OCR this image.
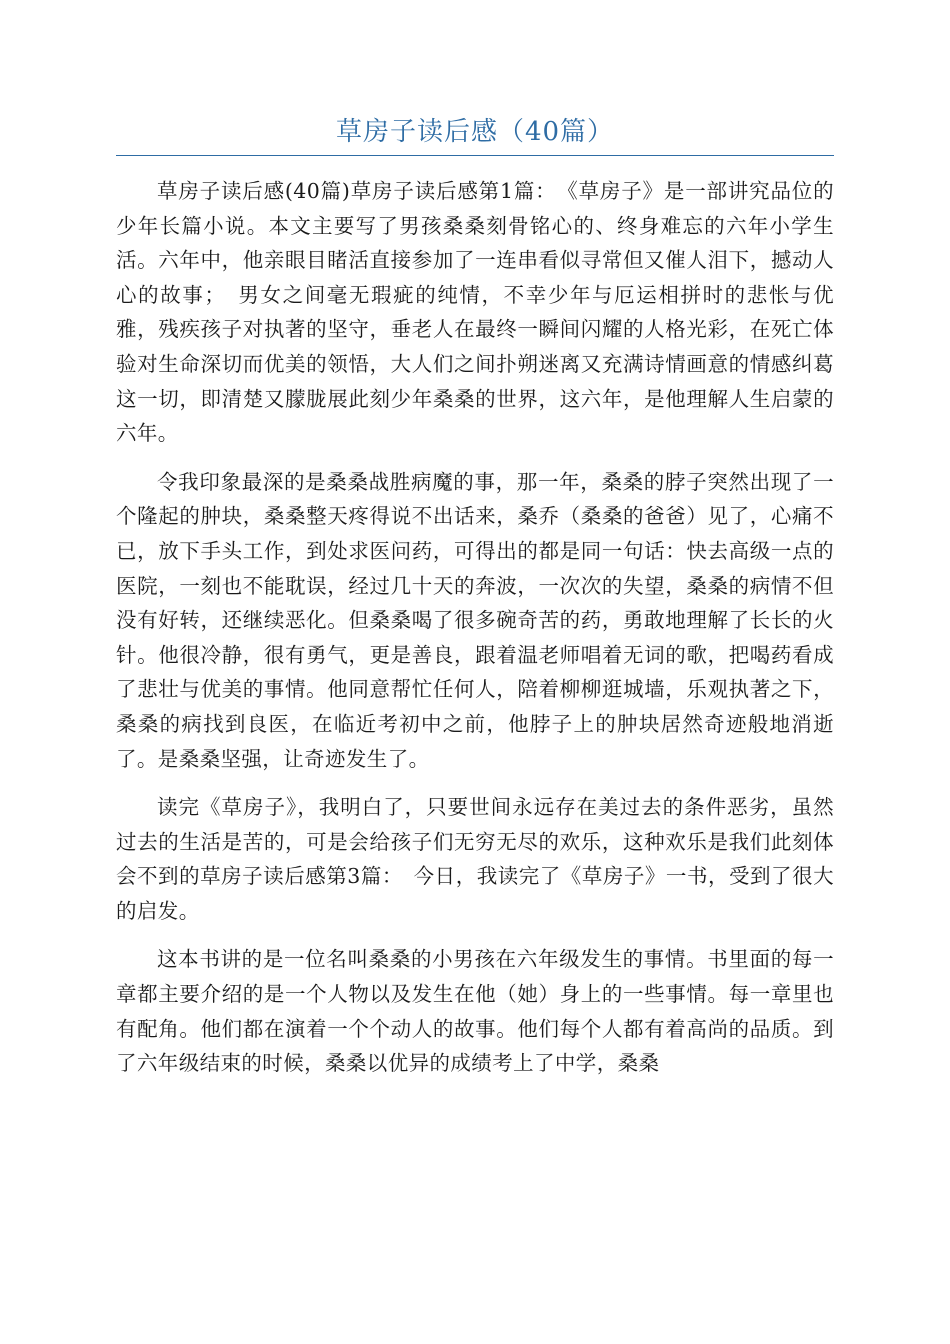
草房子读后感（40篇）

草房子读后感(40篇)草房子读后感第1篇：　《草房子》是一部讲究品位的少年长篇小说。本文主要写了男孩桑桑刻骨铭心的、终身难忘的六年小学生活。六年中，他亲眼目睹活直接参加了一连串看似寻常但又催人泪下，撼动人心的故事；　男女之间毫无瑕疵的纯情，不幸少年与厄运相拼时的悲怅与优雅，残疾孩子对执著的坚守，垂老人在最终一瞬间闪耀的人格光彩，在死亡体验对生命深切而优美的领悟，大人们之间扑朔迷离又充满诗情画意的情感纠葛这一切，即清楚又朦胧展此刻少年桑桑的世界，这六年，是他理解人生启蒙的六年。

令我印象最深的是桑桑战胜病魔的事，那一年，桑桑的脖子突然出现了一个隆起的肿块，桑桑整天疼得说不出话来，桑乔（桑桑的爸爸）见了，心痛不已，放下手头工作，到处求医问药，可得出的都是同一句话：快去高级一点的医院，一刻也不能耽误，经过几十天的奔波，一次次的失望，桑桑的病情不但没有好转，还继续恶化。但桑桑喝了很多碗奇苦的药，勇敢地理解了长长的火针。他很冷静，很有勇气，更是善良，跟着温老师唱着无词的歌，把喝药看成了悲壮与优美的事情。他同意帮忙任何人，陪着柳柳逛城墙，乐观执著之下，桑桑的病找到良医，在临近考初中之前，他脖子上的肿块居然奇迹般地消逝了。是桑桑坚强，让奇迹发生了。

读完《草房子》，我明白了，只要世间永远存在美过去的条件恶劣，虽然过去的生活是苦的，可是会给孩子们无穷无尽的欢乐，这种欢乐是我们此刻体会不到的草房子读后感第3篇：　今日，我读完了《草房子》一书，受到了很大的启发。

这本书讲的是一位名叫桑桑的小男孩在六年级发生的事情。书里面的每一章都主要介绍的是一个人物以及发生在他（她）身上的一些事情。每一章里也有配角。他们都在演着一个个动人的故事。他们每个人都有着高尚的品质。到了六年级结束的时候，桑桑以优异的成绩考上了中学，桑桑
